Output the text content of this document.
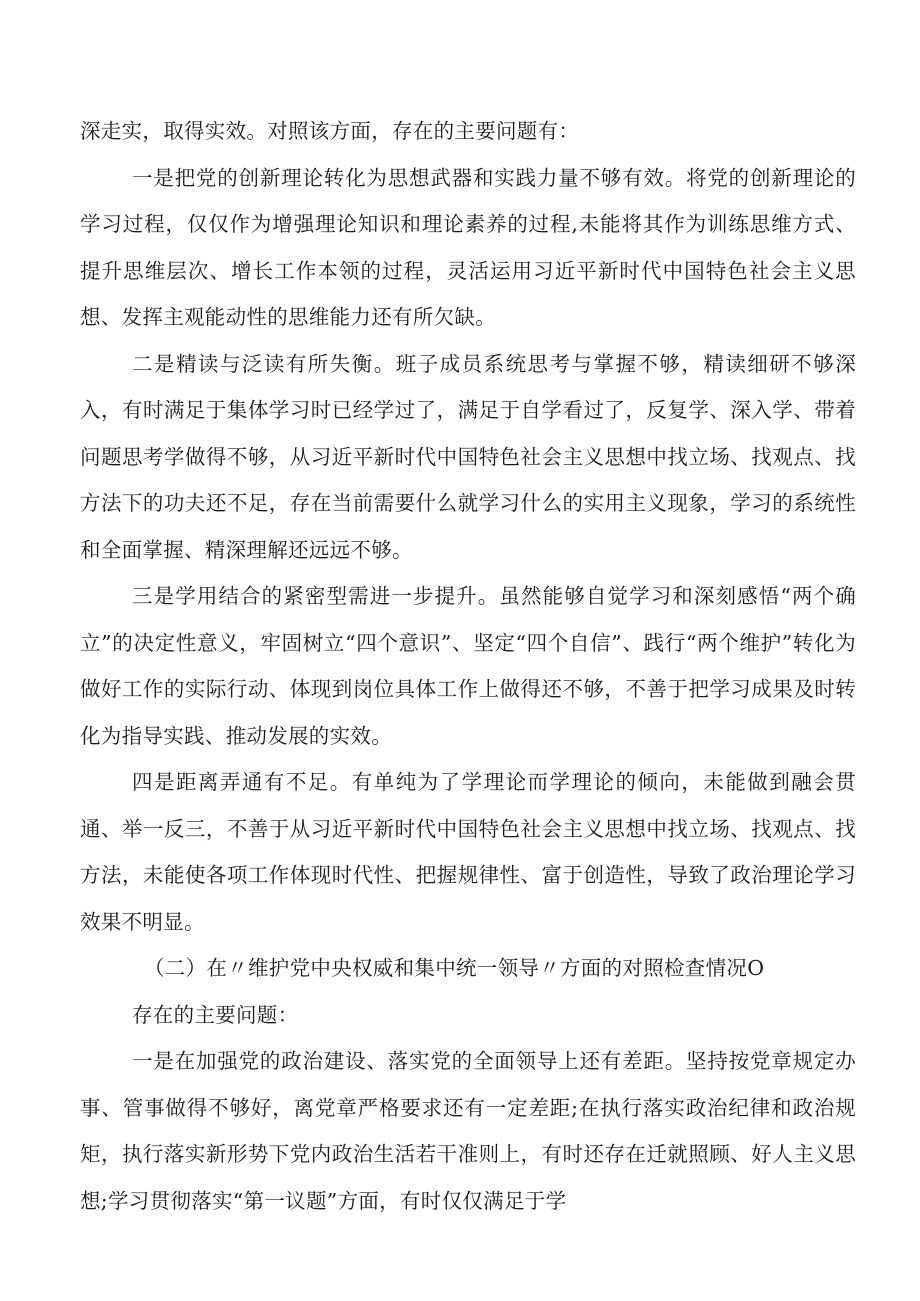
深走实，取得实效。对照该方面，存在的主要问题有：

一是把党的创新理论转化为思想武器和实践力量不够有效。将党的创新理论的学习过程，仅仅作为增强理论知识和理论素养的过程,未能将其作为训练思维方式、提升思维层次、增长工作本领的过程，灵活运用习近平新时代中国特色社会主义思想、发挥主观能动性的思维能力还有所欠缺。

二是精读与泛读有所失衡。班子成员系统思考与掌握不够，精读细研不够深入，有时满足于集体学习时已经学过了，满足于自学看过了，反复学、深入学、带着问题思考学做得不够，从习近平新时代中国特色社会主义思想中找立场、找观点、找方法下的功夫还不足，存在当前需要什么就学习什么的实用主义现象，学习的系统性和全面掌握、精深理解还远远不够。

三是学用结合的紧密型需进一步提升。虽然能够自觉学习和深刻感悟“两个确立”的决定性意义，牢固树立“四个意识”、坚定“四个自信”、践行“两个维护”转化为做好工作的实际行动、体现到岗位具体工作上做得还不够，不善于把学习成果及时转化为指导实践、推动发展的实效。

四是距离弄通有不足。有单纯为了学理论而学理论的倾向，未能做到融会贯通、举一反三，不善于从习近平新时代中国特色社会主义思想中找立场、找观点、找方法，未能使各项工作体现时代性、把握规律性、富于创造性，导致了政治理论学习效果不明显。

（二）在〃维护党中央权威和集中统一领导〃方面的对照检查情况O

存在的主要问题：

一是在加强党的政治建设、落实党的全面领导上还有差距。坚持按党章规定办事、管事做得不够好，离党章严格要求还有一定差距;在执行落实政治纪律和政治规矩，执行落实新形势下党内政治生活若干准则上，有时还存在迁就照顾、好人主义思想;学习贯彻落实“第一议题”方面，有时仅仅满足于学
